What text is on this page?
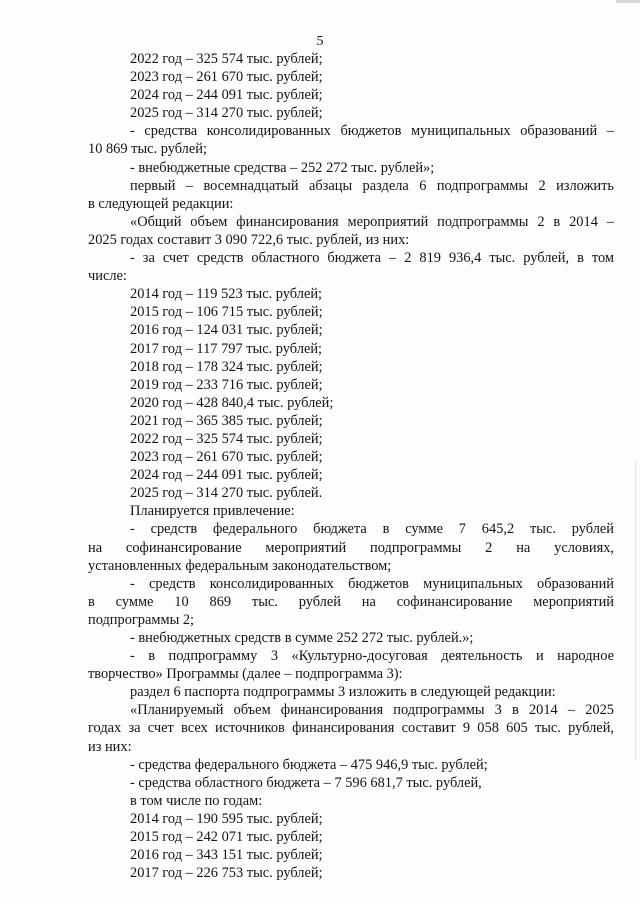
5

2022 год – 325 574 тыс. рублей;

2023 год – 261 670 тыс. рублей;

2024 год – 244 091 тыс. рублей;

2025 год – 314 270 тыс. рублей;

- средства консолидированных бюджетов муниципальных образований –

10 869 тыс. рублей;

- внебюджетные средства – 252 272 тыс. рублей»;

первый – восемнадцатый абзацы раздела 6 подпрограммы 2 изложить

в следующей редакции:

«Общий объем финансирования мероприятий подпрограммы 2 в 2014 –

2025 годах составит 3 090 722,6 тыс. рублей, из них:

- за счет средств областного бюджета – 2 819 936,4 тыс. рублей, в том

числе:

2014 год – 119 523 тыс. рублей;

2015 год – 106 715 тыс. рублей;

2016 год – 124 031 тыс. рублей;

2017 год – 117 797 тыс. рублей;

2018 год – 178 324 тыс. рублей;

2019 год – 233 716 тыс. рублей;

2020 год – 428 840,4 тыс. рублей;

2021 год – 365 385 тыс. рублей;

2022 год – 325 574 тыс. рублей;

2023 год – 261 670 тыс. рублей;

2024 год – 244 091 тыс. рублей;

2025 год – 314 270 тыс. рублей.

Планируется привлечение:

- средств федерального бюджета в сумме 7 645,2 тыс. рублей

на софинансирование мероприятий подпрограммы 2 на условиях,

установленных федеральным законодательством;

- средств консолидированных бюджетов муниципальных образований

в сумме 10 869 тыс. рублей на софинансирование мероприятий

подпрограммы 2;

- внебюджетных средств в сумме 252 272 тыс. рублей.»;

- в подпрограмму 3 «Культурно-досуговая деятельность и народное

творчество» Программы (далее – подпрограмма 3):

раздел 6 паспорта подпрограммы 3 изложить в следующей редакции:

«Планируемый объем финансирования подпрограммы 3 в 2014 – 2025

годах за счет всех источников финансирования составит 9 058 605 тыс. рублей,

из них:

- средства федерального бюджета – 475 946,9 тыс. рублей;

- средства областного бюджета – 7 596 681,7 тыс. рублей,

в том числе по годам:

2014 год – 190 595 тыс. рублей;

2015 год – 242 071 тыс. рублей;

2016 год – 343 151 тыс. рублей;

2017 год – 226 753 тыс. рублей;
